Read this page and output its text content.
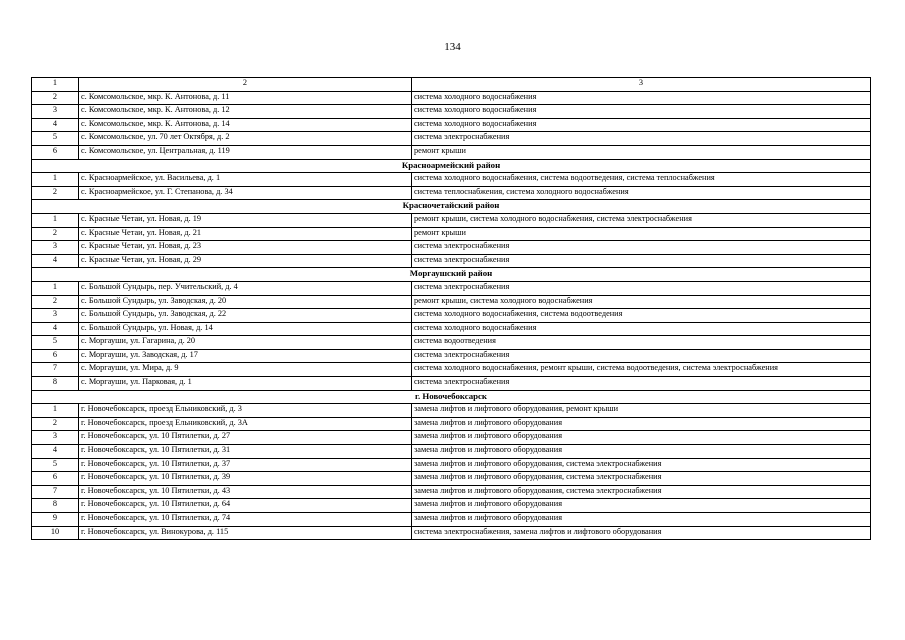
134
1	2	3
2	с. Комсомольское, мкр. К. Антонова, д. 11	система холодного водоснабжения
3	с. Комсомольское, мкр. К. Антонова, д. 12	система холодного водоснабжения
4	с. Комсомольское, мкр. К. Антонова, д. 14	система холодного водоснабжения
5	с. Комсомольское, ул. 70 лет Октября, д. 2	система электроснабжения
6	с. Комсомольское, ул. Центральная, д. 119	ремонт крыши
Красноармейский район		
1	с. Красноармейское, ул. Васильева, д. 1	система холодного водоснабжения, система водоотведения, система теплоснабжения
2	с. Красноармейское, ул. Г. Степанова, д. 34	система теплоснабжения, система холодного водоснабжения
Красночетайский район		
1	с. Красные Четаи, ул. Новая, д. 19	ремонт крыши, система холодного водоснабжения, система электроснабжения
2	с. Красные Четаи, ул. Новая, д. 21	ремонт крыши
3	с. Красные Четаи, ул. Новая, д. 23	система электроснабжения
4	с. Красные Четаи, ул. Новая, д. 29	система электроснабжения
Моргаушский район		
1	с. Большой Сундырь, пер. Учительский, д. 4	система электроснабжения
2	с. Большой Сундырь, ул. Заводская, д. 20	ремонт крыши, система холодного водоснабжения
3	с. Большой Сундырь, ул. Заводская, д. 22	система холодного водоснабжения, система водоотведения
4	с. Большой Сундырь, ул. Новая, д. 14	система холодного водоснабжения
5	с. Моргауши, ул. Гагарина, д. 20	система водоотведения
6	с. Моргауши, ул. Заводская, д. 17	система электроснабжения
7	с. Моргауши, ул. Мира, д. 9	система холодного водоснабжения, ремонт крыши, система водоотведения, система электроснабжения
8	с. Моргауши, ул. Парковая, д. 1	система электроснабжения
г. Новочебоксарск		
1	г. Новочебоксарск, проезд Ельниковский, д. 3	замена лифтов и лифтового оборудования, ремонт крыши
2	г. Новочебоксарск, проезд Ельниковский, д. 3А	замена лифтов и лифтового оборудования
3	г. Новочебоксарск, ул. 10 Пятилетки, д. 27	замена лифтов и лифтового оборудования
4	г. Новочебоксарск, ул. 10 Пятилетки, д. 31	замена лифтов и лифтового оборудования
5	г. Новочебоксарск, ул. 10 Пятилетки, д. 37	замена лифтов и лифтового оборудования, система электроснабжения
6	г. Новочебоксарск, ул. 10 Пятилетки, д. 39	замена лифтов и лифтового оборудования, система электроснабжения
7	г. Новочебоксарск, ул. 10 Пятилетки, д. 43	замена лифтов и лифтового оборудования, система электроснабжения
8	г. Новочебоксарск, ул. 10 Пятилетки, д. 64	замена лифтов и лифтового оборудования
9	г. Новочебоксарск, ул. 10 Пятилетки, д. 74	замена лифтов и лифтового оборудования
10	г. Новочебоксарск, ул. Винокурова, д. 115	система электроснабжения, замена лифтов и лифтового оборудования
